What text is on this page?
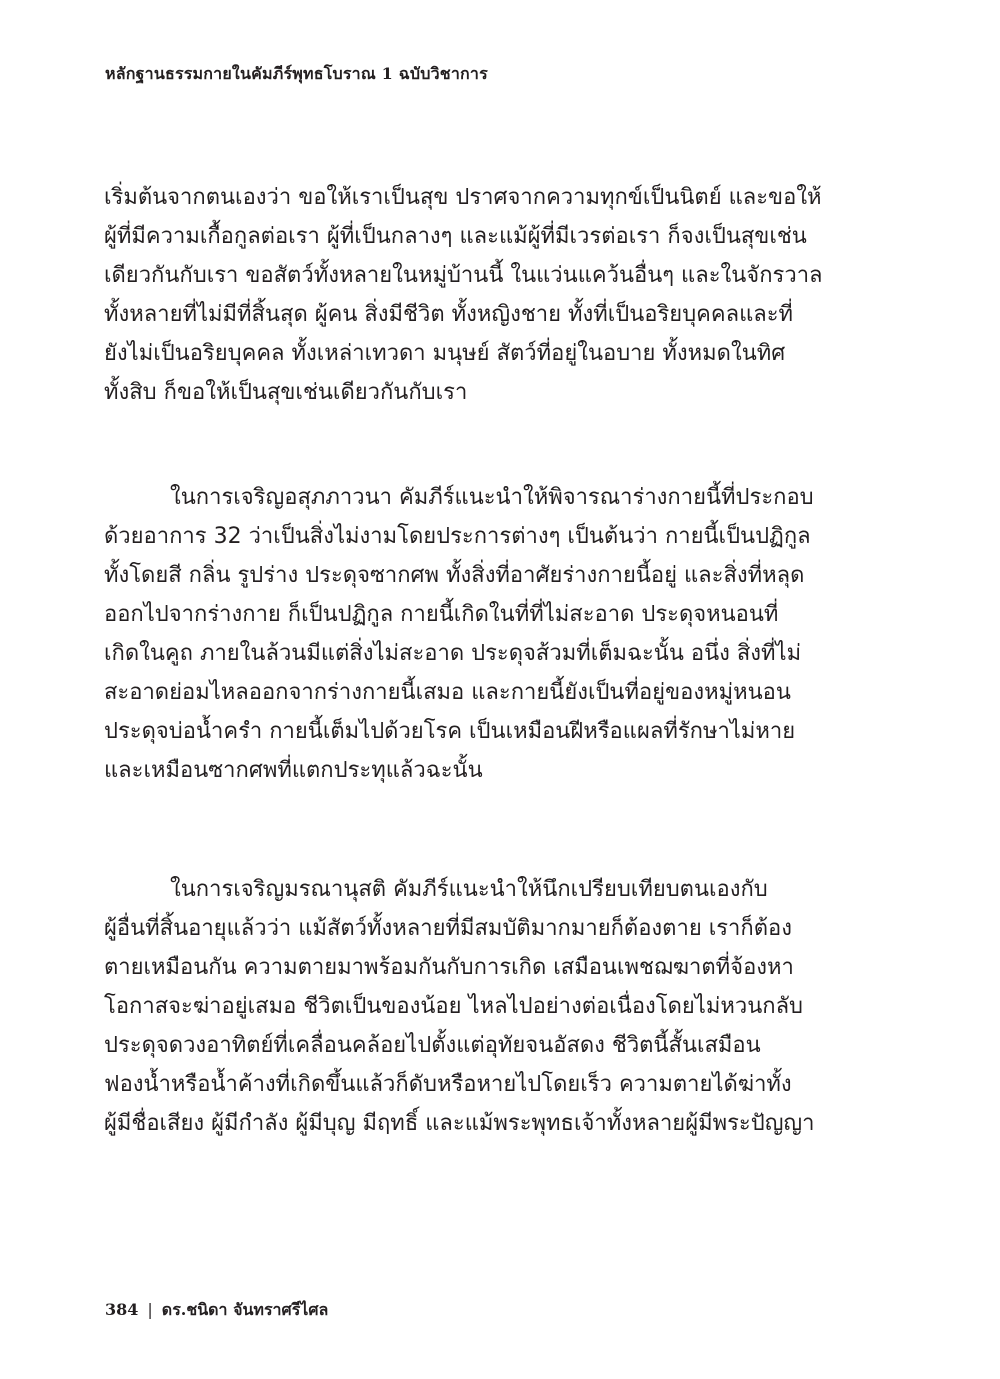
หลักฐานธรรมกายในคัมภีร์พุทธโบราณ 1 ฉบับวิชาการ
เริ่มต้นจากตนเองว่า ขอให้เราเป็นสุข ปราศจากความทุกข์เป็นนิตย์ และขอให้
ผู้ที่มีความเกื้อกูลต่อเรา ผู้ที่เป็นกลางๆ และแม้ผู้ที่มีเวรต่อเรา ก็จงเป็นสุขเช่น
เดียวกันกับเรา ขอสัตว์ทั้งหลายในหมู่บ้านนี้ ในแว่นแคว้นอื่นๆ และในจักรวาล
ทั้งหลายที่ไม่มีที่สิ้นสุด ผู้คน สิ่งมีชีวิต ทั้งหญิงชาย ทั้งที่เป็นอริยบุคคลและที่
ยังไม่เป็นอริยบุคคล ทั้งเหล่าเทวดา มนุษย์ สัตว์ที่อยู่ในอบาย ทั้งหมดในทิศ
ทั้งสิบ ก็ขอให้เป็นสุขเช่นเดียวกันกับเรา
ในการเจริญอสุภภาวนา คัมภีร์แนะนำให้พิจารณาร่างกายนี้ที่ประกอบ
ด้วยอาการ 32 ว่าเป็นสิ่งไม่งามโดยประการต่างๆ เป็นต้นว่า กายนี้เป็นปฏิกูล
ทั้งโดยสี กลิ่น รูปร่าง ประดุจซากศพ ทั้งสิ่งที่อาศัยร่างกายนี้อยู่ และสิ่งที่หลุด
ออกไปจากร่างกาย ก็เป็นปฏิกูล กายนี้เกิดในที่ที่ไม่สะอาด ประดุจหนอนที่
เกิดในคูถ ภายในล้วนมีแต่สิ่งไม่สะอาด ประดุจส้วมที่เต็มฉะนั้น อนึ่ง สิ่งที่ไม่
สะอาดย่อมไหลออกจากร่างกายนี้เสมอ และกายนี้ยังเป็นที่อยู่ของหมู่หนอน
ประดุจบ่อน้ำครำ กายนี้เต็มไปด้วยโรค เป็นเหมือนฝีหรือแผลที่รักษาไม่หาย
และเหมือนซากศพที่แตกประทุแล้วฉะนั้น
ในการเจริญมรณานุสติ คัมภีร์แนะนำให้นึกเปรียบเทียบตนเองกับ
ผู้อื่นที่สิ้นอายุแล้วว่า แม้สัตว์ทั้งหลายที่มีสมบัติมากมายก็ต้องตาย เราก็ต้อง
ตายเหมือนกัน ความตายมาพร้อมกันกับการเกิด เสมือนเพชฌฆาตที่จ้องหา
โอกาสจะฆ่าอยู่เสมอ ชีวิตเป็นของน้อย ไหลไปอย่างต่อเนื่องโดยไม่หวนกลับ
ประดุจดวงอาทิตย์ที่เคลื่อนคล้อยไปตั้งแต่อุทัยจนอัสดง ชีวิตนี้สั้นเสมือน
ฟองน้ำหรือน้ำค้างที่เกิดขึ้นแล้วก็ดับหรือหายไปโดยเร็ว ความตายได้ฆ่าทั้ง
ผู้มีชื่อเสียง ผู้มีกำลัง ผู้มีบุญ มีฤทธิ์ และแม้พระพุทธเจ้าทั้งหลายผู้มีพระปัญญา
384 | ดร.ชนิดา จันทราศรีไศล
